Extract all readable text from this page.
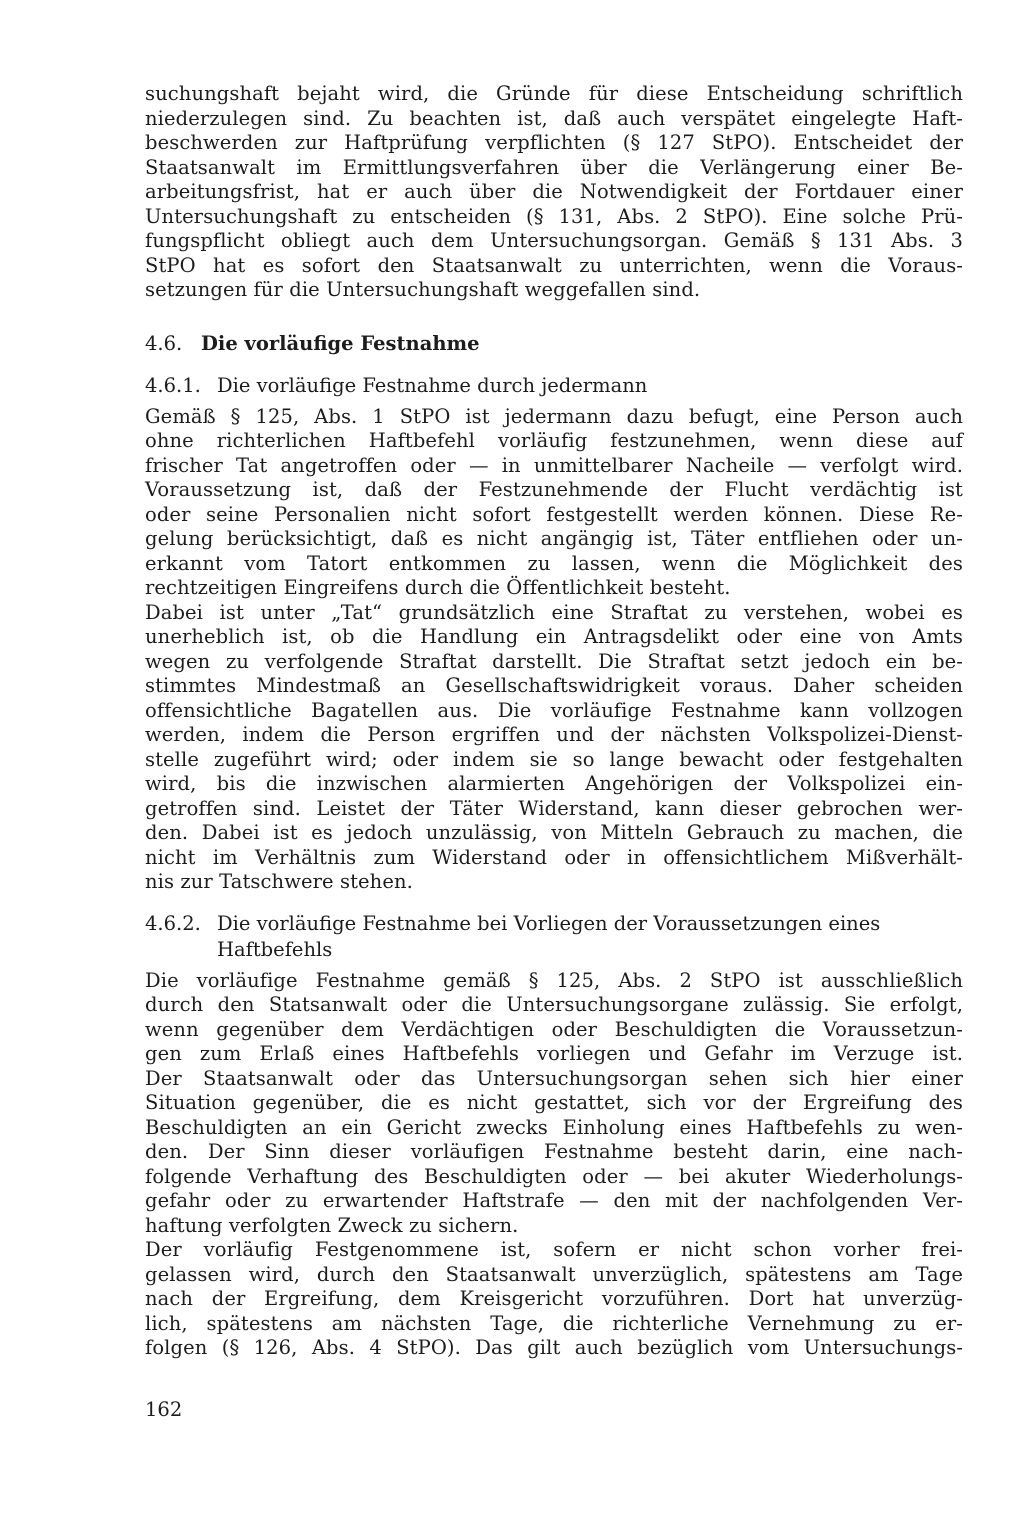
suchungshaft bejaht wird, die Gründe für diese Entscheidung schriftlich
niederzulegen sind. Zu beachten ist, daß auch verspätet eingelegte Haft-
beschwerden zur Haftprüfung verpflichten (§ 127 StPO). Entscheidet der
Staatsanwalt im Ermittlungsverfahren über die Verlängerung einer Be-
arbeitungsfrist, hat er auch über die Notwendigkeit der Fortdauer einer
Untersuchungshaft zu entscheiden (§ 131, Abs. 2 StPO). Eine solche Prü-
fungspflicht obliegt auch dem Untersuchungsorgan. Gemäß § 131 Abs. 3
StPO hat es sofort den Staatsanwalt zu unterrichten, wenn die Voraus-
setzungen für die Untersuchungshaft weggefallen sind.
4.6. Die vorläufige Festnahme
4.6.1. Die vorläufige Festnahme durch jedermann
Gemäß § 125, Abs. 1 StPO ist jedermann dazu befugt, eine Person auch
ohne richterlichen Haftbefehl vorläufig festzunehmen, wenn diese auf
frischer Tat angetroffen oder — in unmittelbarer Nacheile — verfolgt wird.
Voraussetzung ist, daß der Festzunehmende der Flucht verdächtig ist
oder seine Personalien nicht sofort festgestellt werden können. Diese Re-
gelung berücksichtigt, daß es nicht angängig ist, Täter entfliehen oder un-
erkannt vom Tatort entkommen zu lassen, wenn die Möglichkeit des
rechtzeitigen Eingreifens durch die Öffentlichkeit besteht.
Dabei ist unter „Tat“ grundsätzlich eine Straftat zu verstehen, wobei es
unerheblich ist, ob die Handlung ein Antragsdelikt oder eine von Amts
wegen zu verfolgende Straftat darstellt. Die Straftat setzt jedoch ein be-
stimmtes Mindestmaß an Gesellschaftswidrigkeit voraus. Daher scheiden
offensichtliche Bagatellen aus. Die vorläufige Festnahme kann vollzogen
werden, indem die Person ergriffen und der nächsten Volkspolizei-Dienst-
stelle zugeführt wird; oder indem sie so lange bewacht oder festgehalten
wird, bis die inzwischen alarmierten Angehörigen der Volkspolizei ein-
getroffen sind. Leistet der Täter Widerstand, kann dieser gebrochen wer-
den. Dabei ist es jedoch unzulässig, von Mitteln Gebrauch zu machen, die
nicht im Verhältnis zum Widerstand oder in offensichtlichem Mißverhält-
nis zur Tatschwere stehen.
4.6.2. Die vorläufige Festnahme bei Vorliegen der Voraussetzungen eines Haftbefehls
Die vorläufige Festnahme gemäß § 125, Abs. 2 StPO ist ausschließlich
durch den Statsanwalt oder die Untersuchungsorgane zulässig. Sie erfolgt,
wenn gegenüber dem Verdächtigen oder Beschuldigten die Voraussetzun-
gen zum Erlaß eines Haftbefehls vorliegen und Gefahr im Verzuge ist.
Der Staatsanwalt oder das Untersuchungsorgan sehen sich hier einer
Situation gegenüber, die es nicht gestattet, sich vor der Ergreifung des
Beschuldigten an ein Gericht zwecks Einholung eines Haftbefehls zu wen-
den. Der Sinn dieser vorläufigen Festnahme besteht darin, eine nach-
folgende Verhaftung des Beschuldigten oder — bei akuter Wiederholungs-
gefahr oder zu erwartender Haftstrafe — den mit der nachfolgenden Ver-
haftung verfolgten Zweck zu sichern.
Der vorläufig Festgenommene ist, sofern er nicht schon vorher frei-
gelassen wird, durch den Staatsanwalt unverzüglich, spätestens am Tage
nach der Ergreifung, dem Kreisgericht vorzuführen. Dort hat unverzüg-
lich, spätestens am nächsten Tage, die richterliche Vernehmung zu er-
folgen (§ 126, Abs. 4 StPO). Das gilt auch bezüglich vom Untersuchungs-
162
